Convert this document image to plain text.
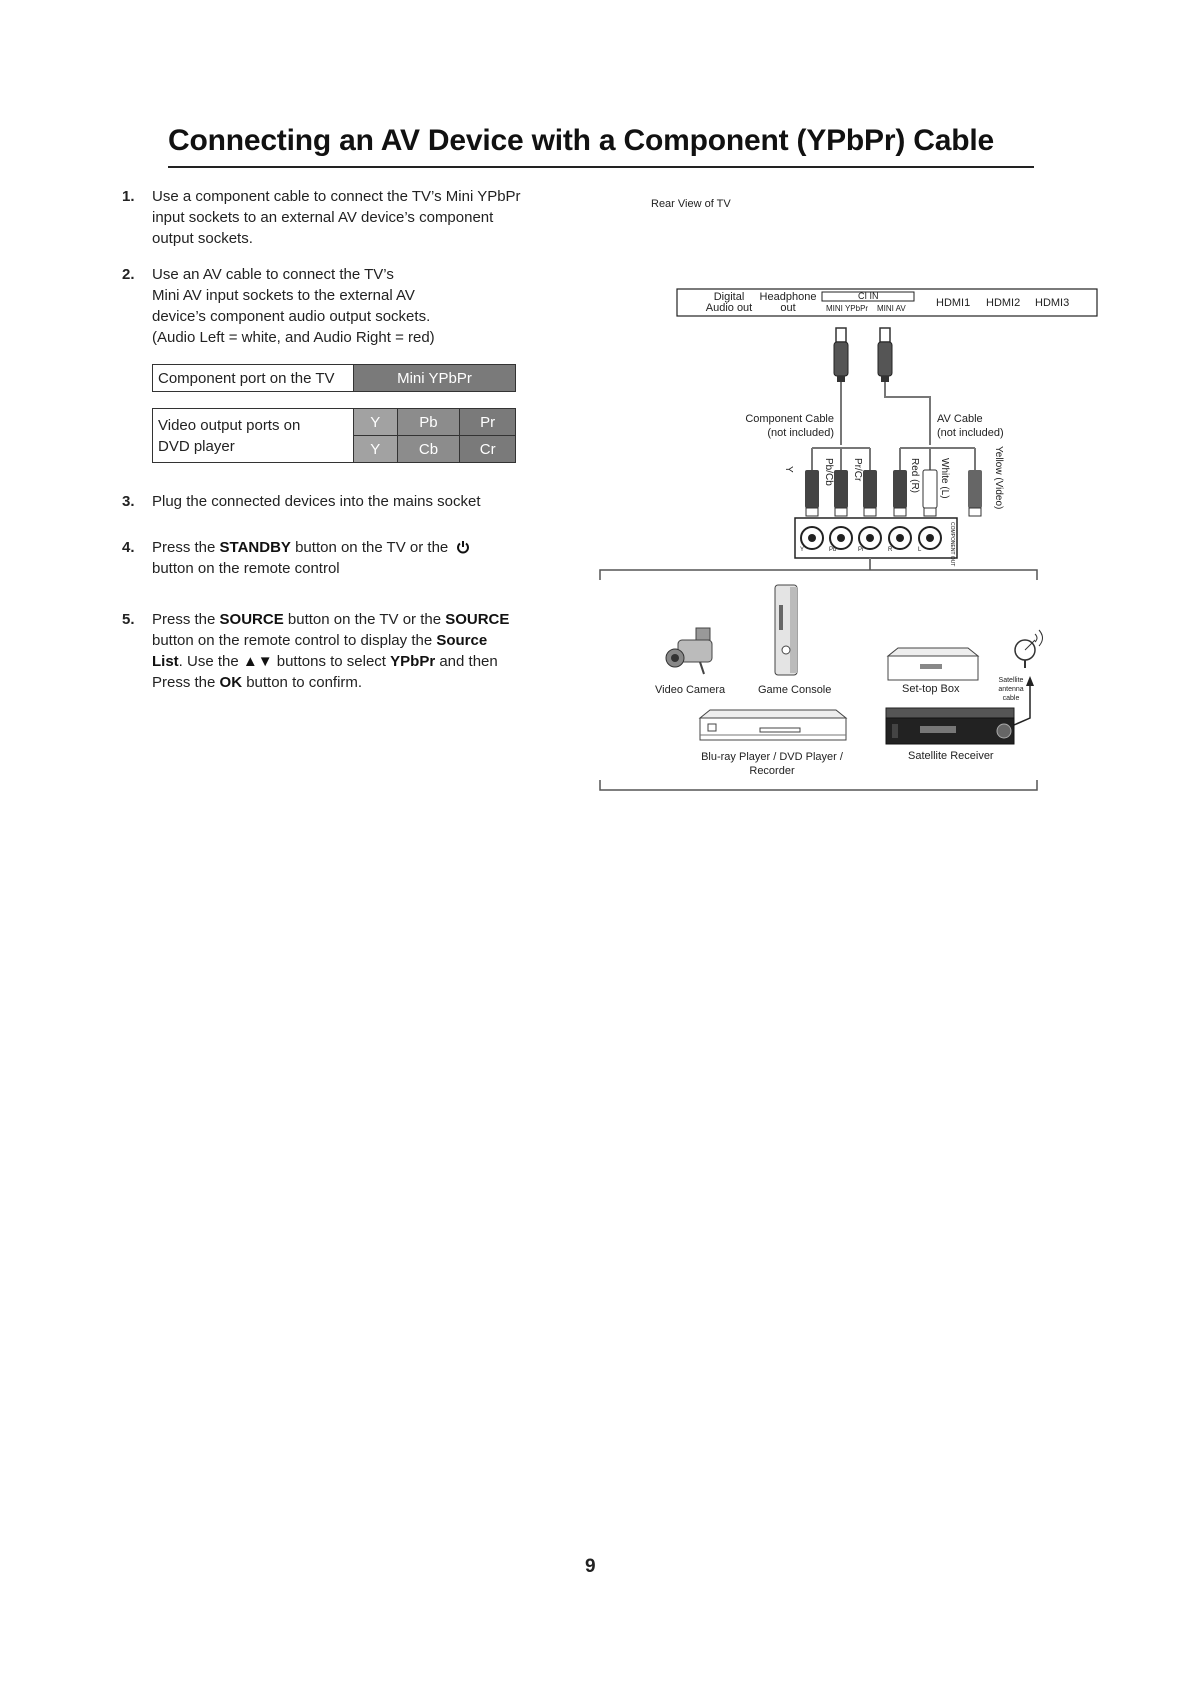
Connecting an AV Device with a Component (YPbPr) Cable
1. Use a component cable to connect the TV’s Mini YPbPr
input sockets to an external AV device’s component
output sockets.
2. Use an AV cable to connect the TV’s
Mini AV input sockets to the external AV
device’s component audio output sockets.
(Audio Left = white, and Audio Right = red)
Component port on the TV	Mini YPbPr
Video output ports on
DVD player	Y	Pb	Pr
	Y	Cb	Cr
3. Plug the connected devices into the mains socket
4. Press the STANDBY button on the TV or the
button on the remote control
5. Press the SOURCE button on the TV or the SOURCE
button on the remote control to display the Source
List. Use the ▲▼ buttons to select YPbPr and then
Press the OK button to confirm.
Rear View of TV
Digital
Audio out
Headphone
out
CI IN
MINI YPbPr MINI AV	HDMI1 HDMI2 HDMI3
Component Cable
(not included)
AV Cable
(not included)
Y	Pb/Cb Pr/Cr	Red (R) White (L)	Yellow (Video)
Y	Pb	Pr	R	L	COMPONENT OUT
Video Camera	Game Console	Set-top Box
Satellite
antenna
cable
Blu-ray Player / DVD Player /
Recorder
Satellite Receiver
9
